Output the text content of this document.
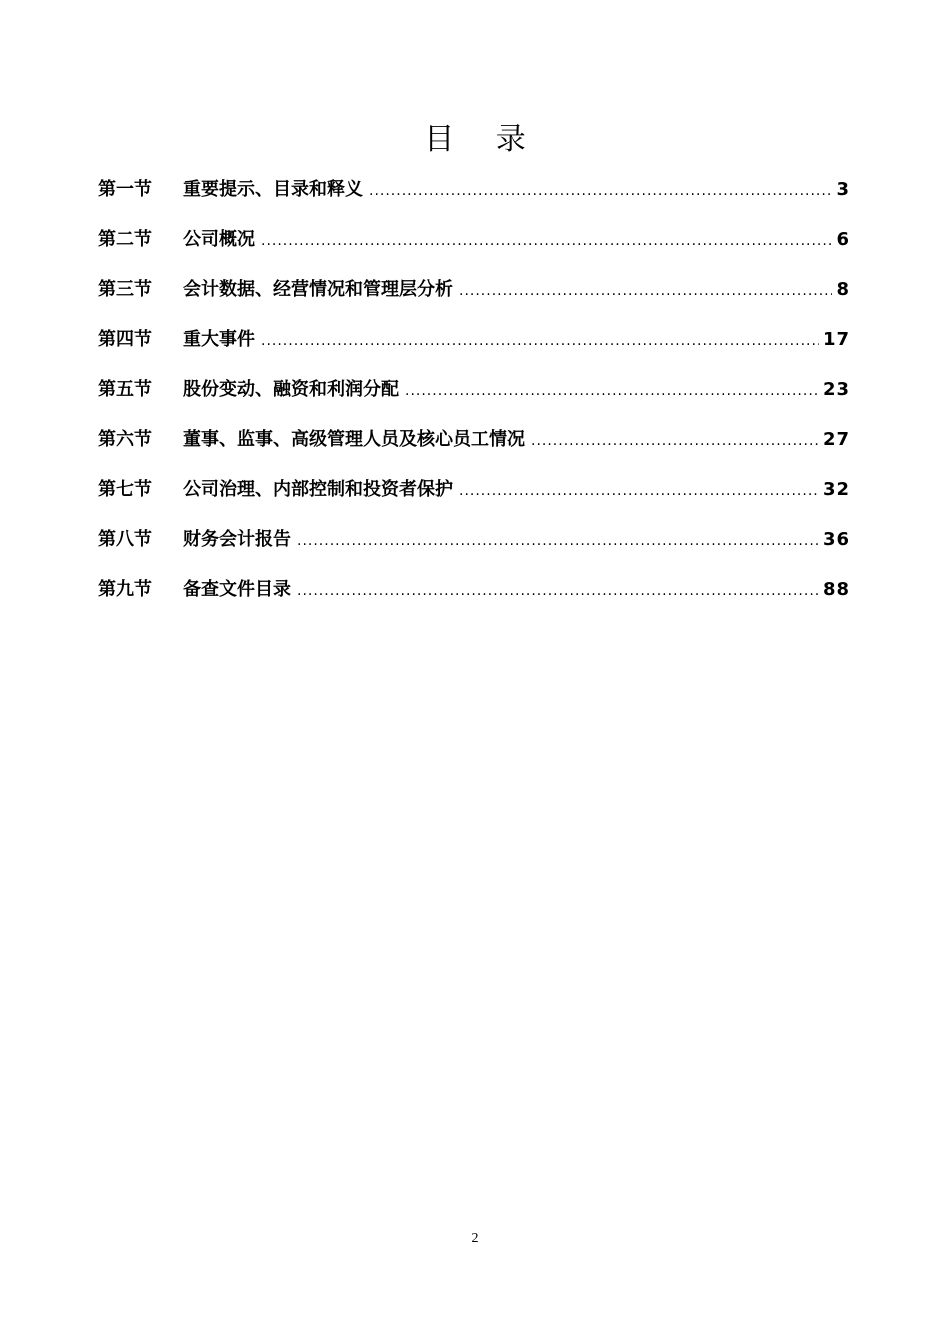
目 录
第一节	重要提示、目录和释义 .....	3
第二节	公司概况 .....	6
第三节	会计数据、经营情况和管理层分析 .....	8
第四节	重大事件 .....	17
第五节	股份变动、融资和利润分配 .....	23
第六节	董事、监事、高级管理人员及核心员工情况 .....	27
第七节	公司治理、内部控制和投资者保护 .....	32
第八节	财务会计报告 .....	36
第九节	备查文件目录 .....	88
2
